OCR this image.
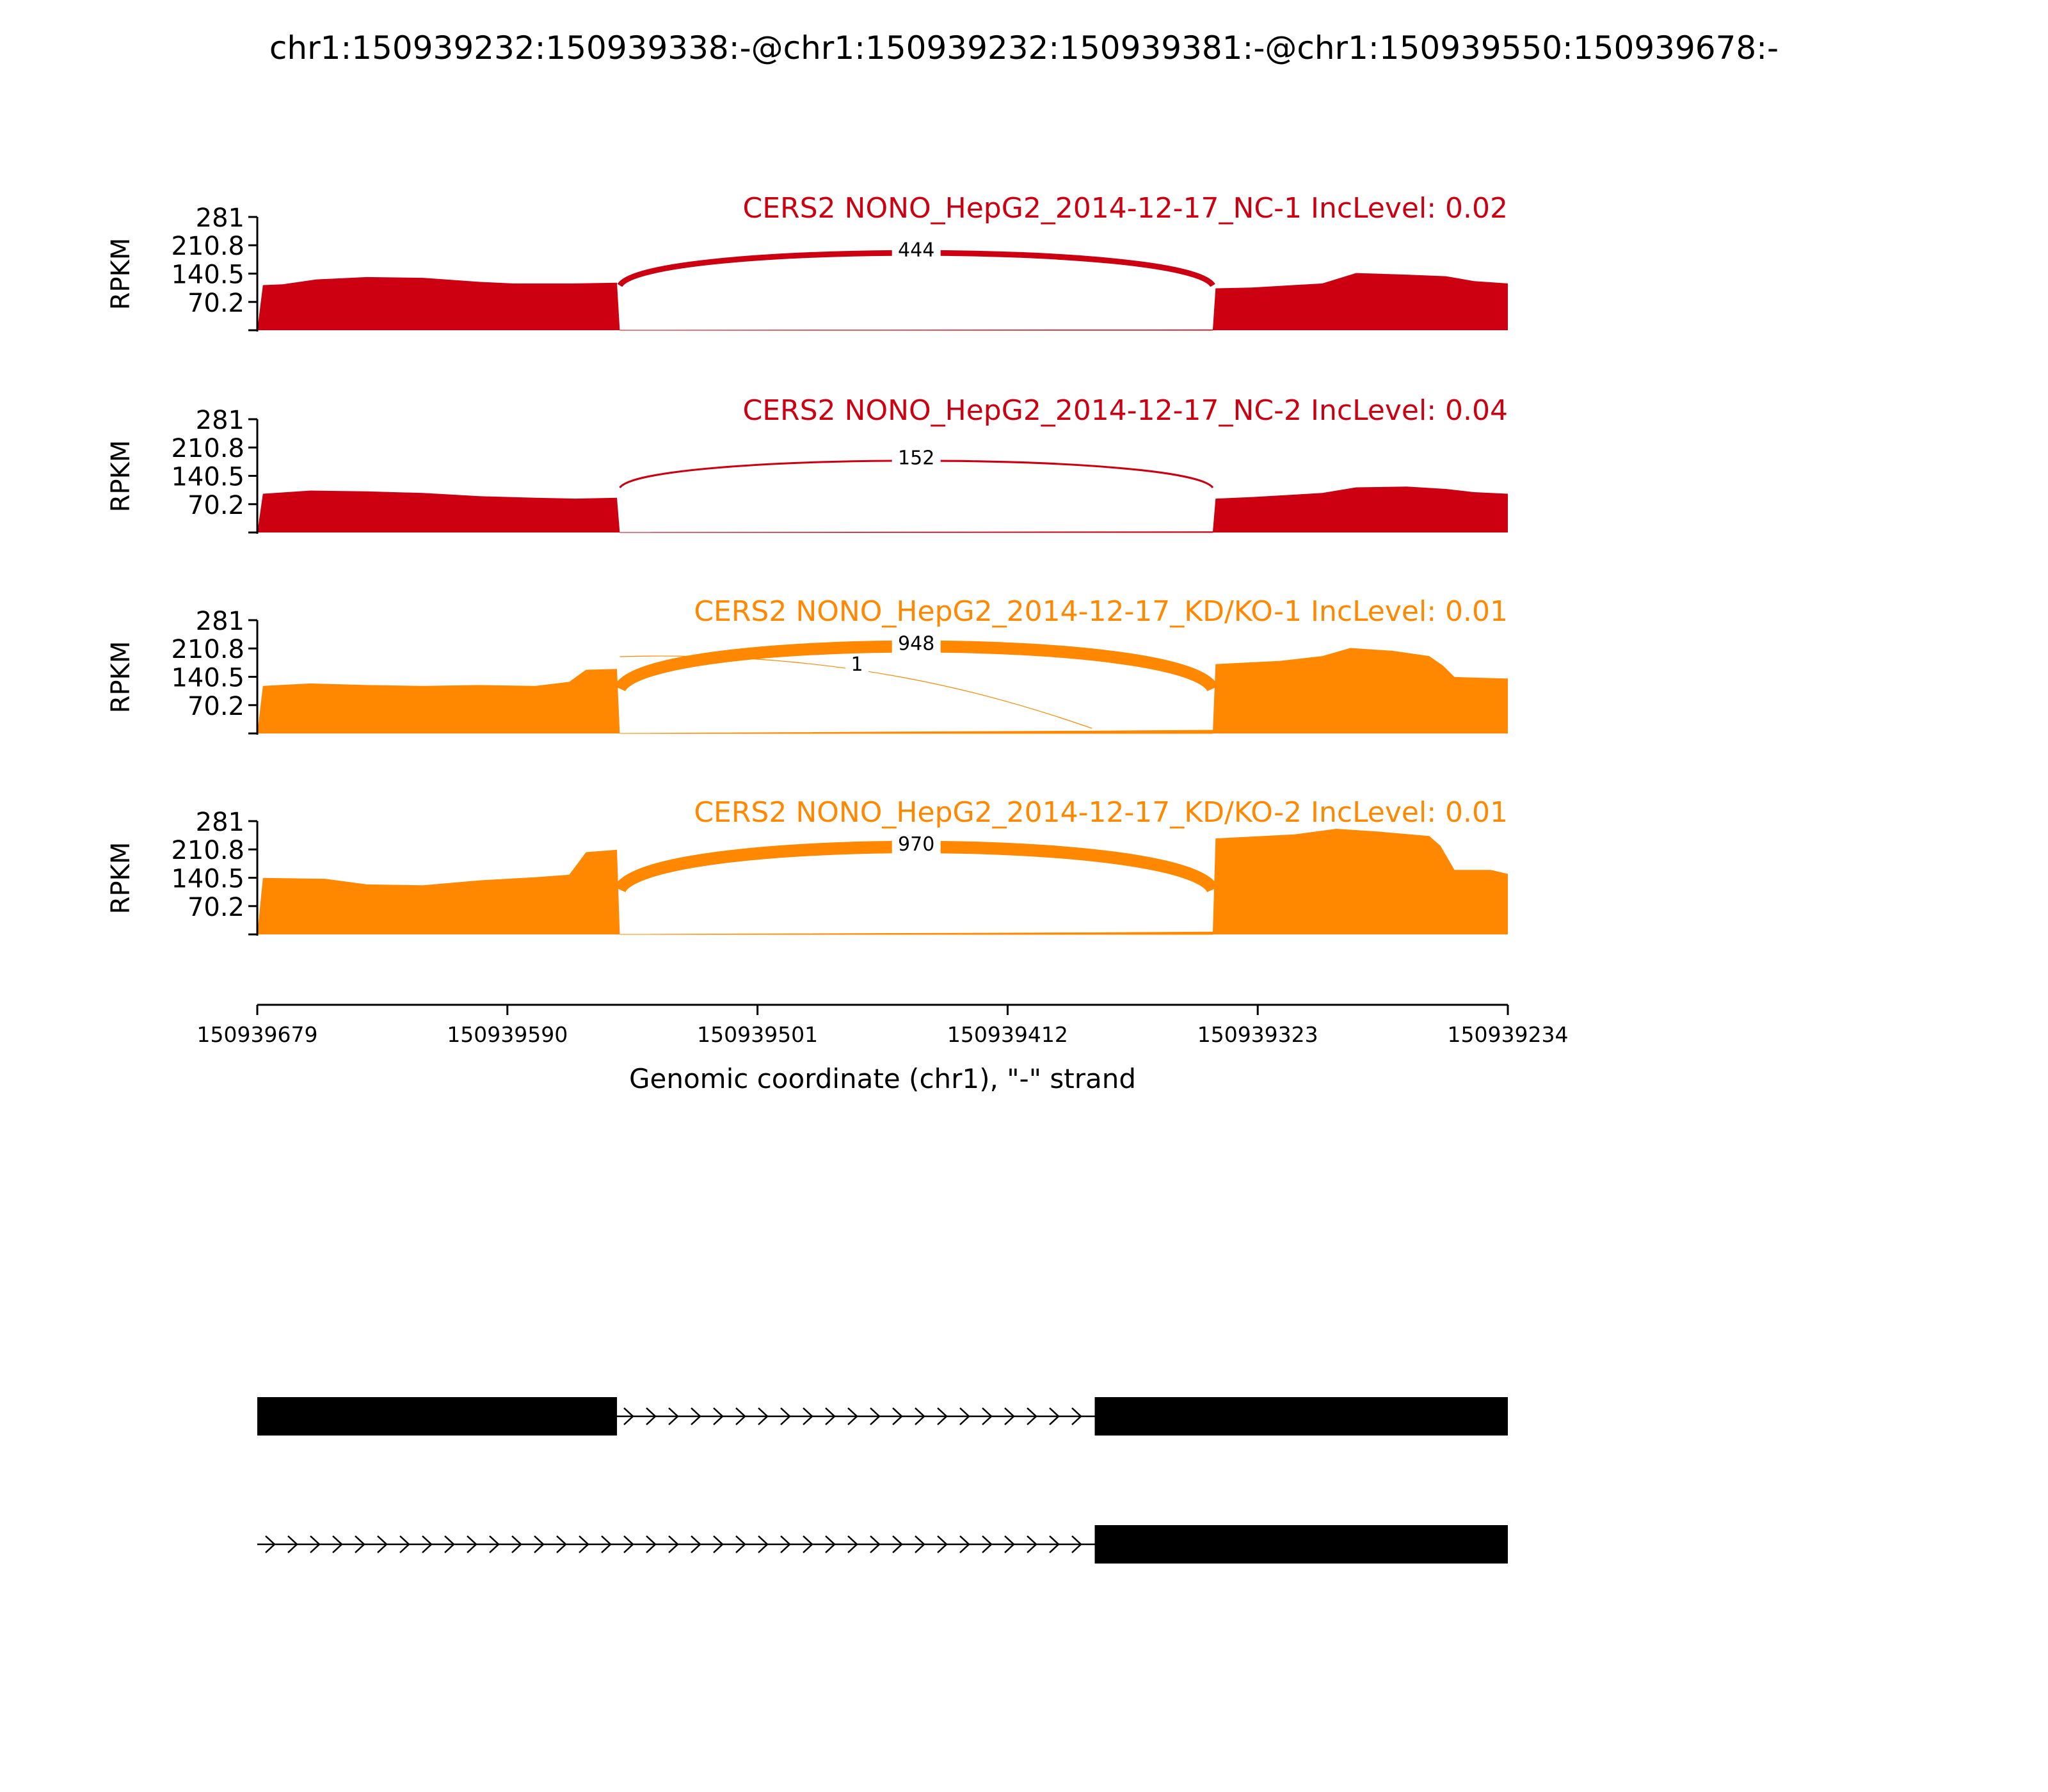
chr1:150939232:150939338:-@chr1:150939232:150939381:-@chr1:150939550:150939678:-
281
210.8
140.5
70.2
RPKM
CERS2 NONO_HepG2_2014-12-17_NC-1 IncLevel: 0.02
444
281
210.8
140.5
70.2
RPKM
CERS2 NONO_HepG2_2014-12-17_NC-2 IncLevel: 0.04
152
281
210.8
140.5
70.2
RPKM
CERS2 NONO_HepG2_2014-12-17_KD/KO-1 IncLevel: 0.01
948
1
281
210.8
140.5
70.2
RPKM
CERS2 NONO_HepG2_2014-12-17_KD/KO-2 IncLevel: 0.01
970
150939679	150939590	150939501	150939412	150939323	150939234
Genomic coordinate (chr1), "-" strand
